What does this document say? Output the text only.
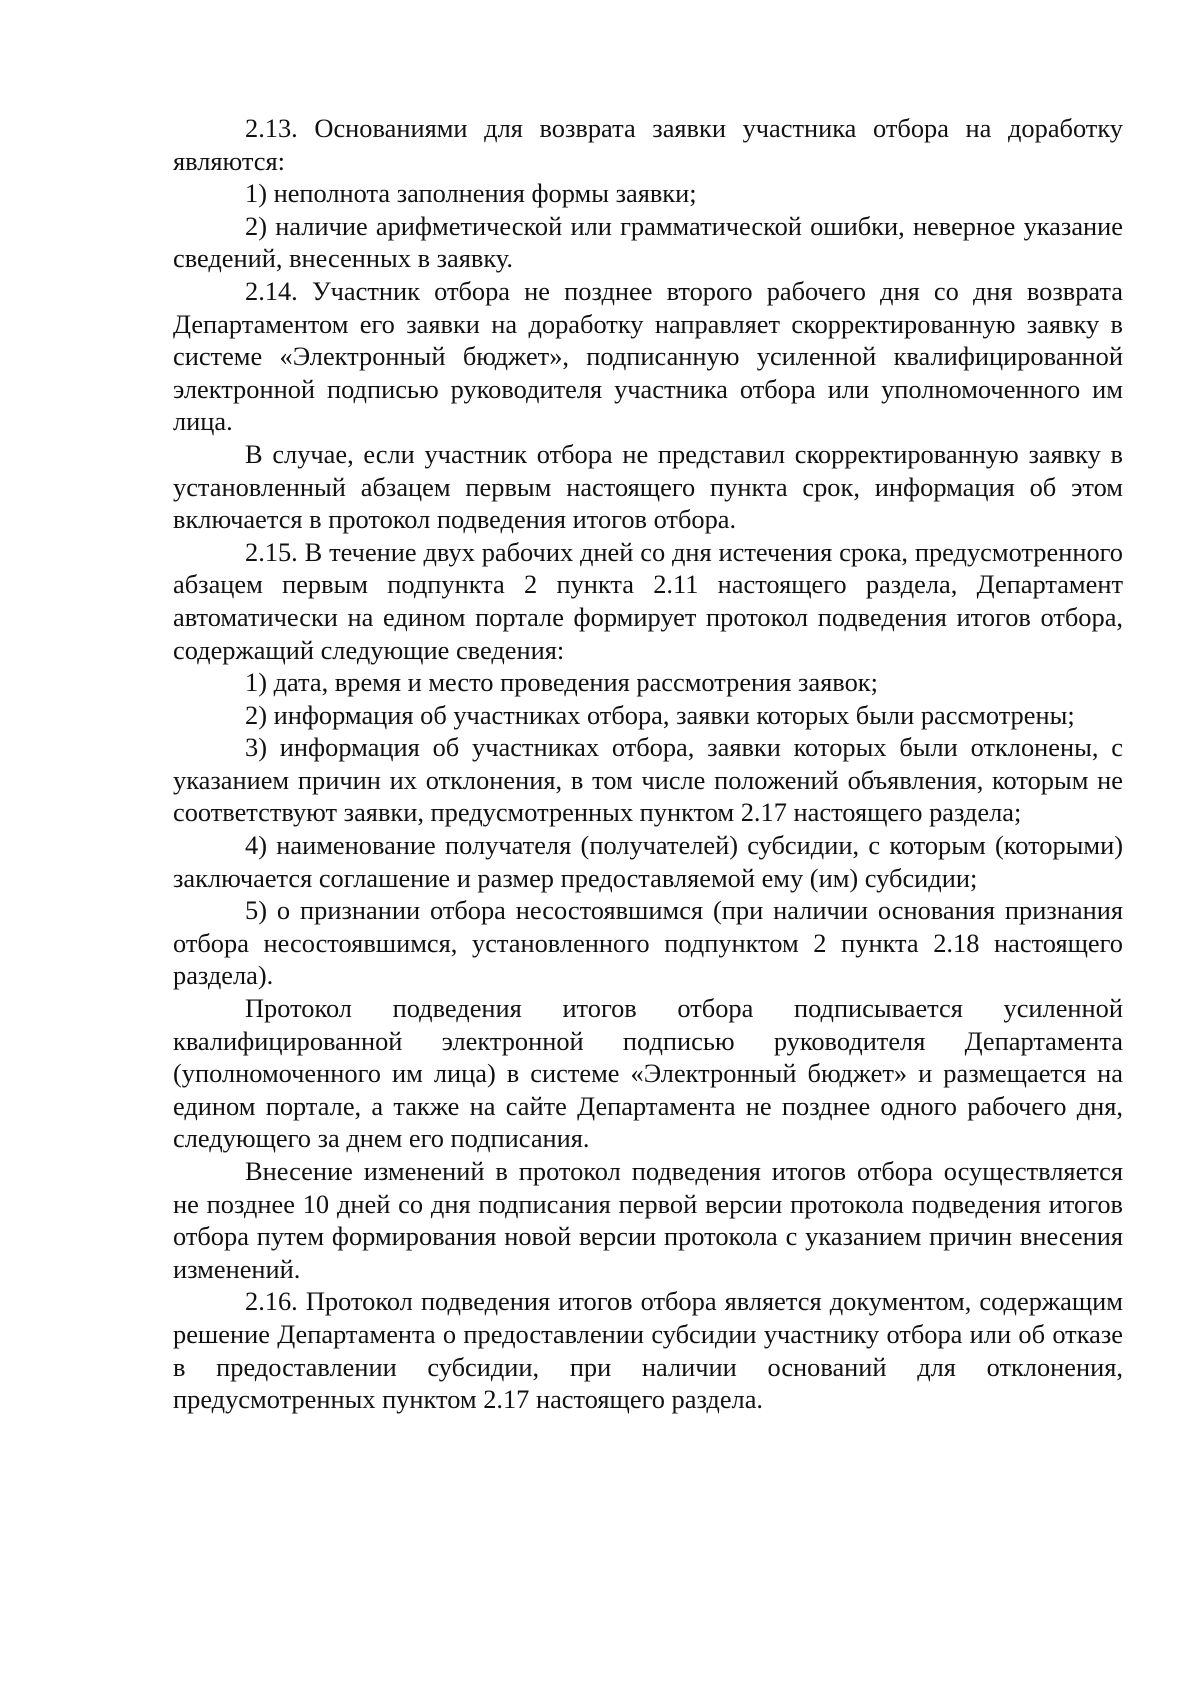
2.13. Основаниями для возврата заявки участника отбора на доработку являются:

1) неполнота заполнения формы заявки;

2) наличие арифметической или грамматической ошибки, неверное указание сведений, внесенных в заявку.

2.14. Участник отбора не позднее второго рабочего дня со дня возврата Департаментом его заявки на доработку направляет скорректированную заявку в системе «Электронный бюджет», подписанную усиленной квалифицированной электронной подписью руководителя участника отбора или уполномоченного им лица.

В случае, если участник отбора не представил скорректированную заявку в установленный абзацем первым настоящего пункта срок, информация об этом включается в протокол подведения итогов отбора.

2.15. В течение двух рабочих дней со дня истечения срока, предусмотренного абзацем первым подпункта 2 пункта 2.11 настоящего раздела, Департамент автоматически на едином портале формирует протокол подведения итогов отбора, содержащий следующие сведения:

1) дата, время и место проведения рассмотрения заявок;

2) информация об участниках отбора, заявки которых были рассмотрены;

3) информация об участниках отбора, заявки которых были отклонены, с указанием причин их отклонения, в том числе положений объявления, которым не соответствуют заявки, предусмотренных пунктом 2.17 настоящего раздела;

4) наименование получателя (получателей) субсидии, с которым (которыми) заключается соглашение и размер предоставляемой ему (им) субсидии;

5) о признании отбора несостоявшимся (при наличии основания признания отбора несостоявшимся, установленного подпунктом 2 пункта 2.18 настоящего раздела).

Протокол подведения итогов отбора подписывается усиленной квалифицированной электронной подписью руководителя Департамента (уполномоченного им лица) в системе «Электронный бюджет» и размещается на едином портале, а также на сайте Департамента не позднее одного рабочего дня, следующего за днем его подписания.

Внесение изменений в протокол подведения итогов отбора осуществляется не позднее 10 дней со дня подписания первой версии протокола подведения итогов отбора путем формирования новой версии протокола с указанием причин внесения изменений.

2.16. Протокол подведения итогов отбора является документом, содержащим решение Департамента о предоставлении субсидии участнику отбора или об отказе в предоставлении субсидии, при наличии оснований для отклонения, предусмотренных пунктом 2.17 настоящего раздела.
